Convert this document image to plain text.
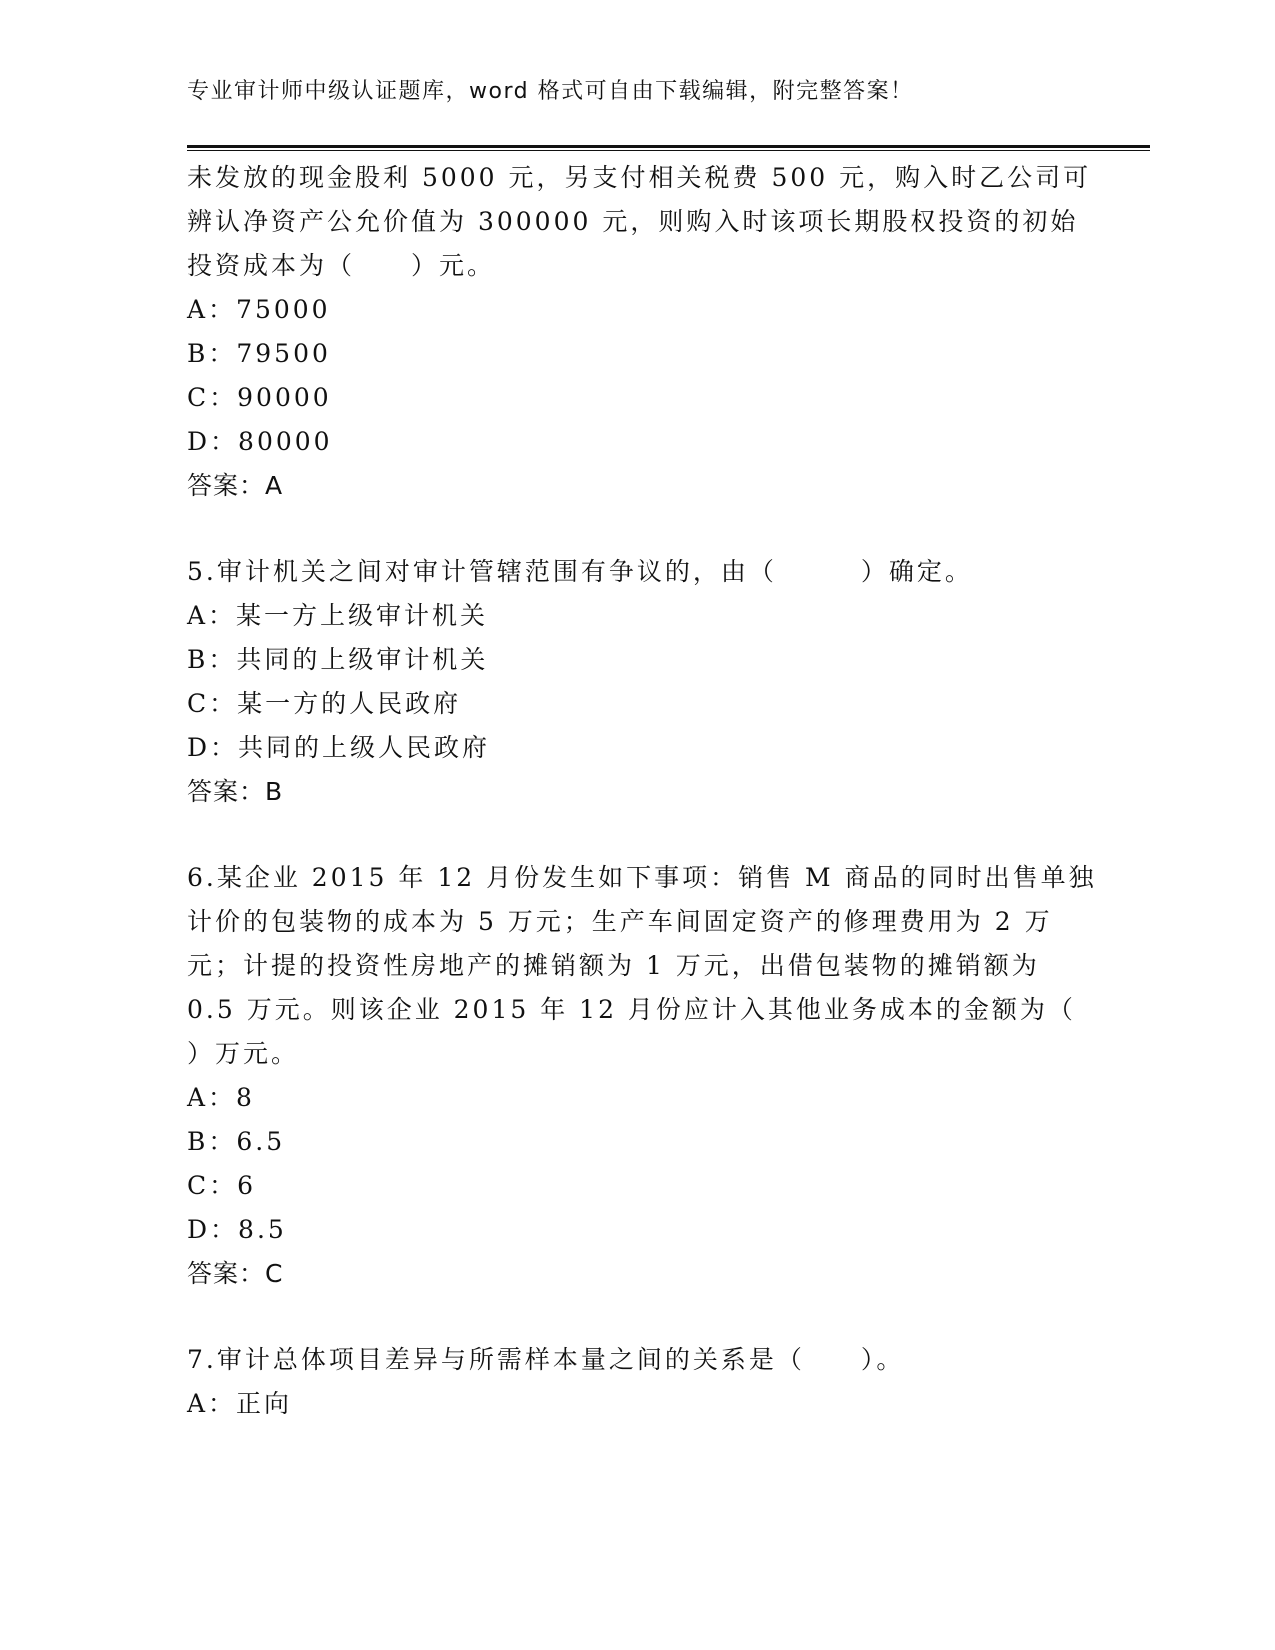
专业审计师中级认证题库，word 格式可自由下载编辑，附完整答案！
未发放的现金股利 5000 元，另支付相关税费 500 元，购入时乙公司可
辨认净资产公允价值为 300000 元，则购入时该项长期股权投资的初始
投资成本为（　　）元。
A：75000
B：79500
C：90000
D：80000
答案：A
5.审计机关之间对审计管辖范围有争议的，由（　　　）确定。
A：某一方上级审计机关
B：共同的上级审计机关
C：某一方的人民政府
D：共同的上级人民政府
答案：B
6.某企业 2015 年 12 月份发生如下事项：销售 M 商品的同时出售单独
计价的包装物的成本为 5 万元；生产车间固定资产的修理费用为 2 万
元；计提的投资性房地产的摊销额为 1 万元，出借包装物的摊销额为
0.5 万元。则该企业 2015 年 12 月份应计入其他业务成本的金额为（
）万元。
A：8
B：6.5
C：6
D：8.5
答案：C
7.审计总体项目差异与所需样本量之间的关系是（　　）。
A：正向
